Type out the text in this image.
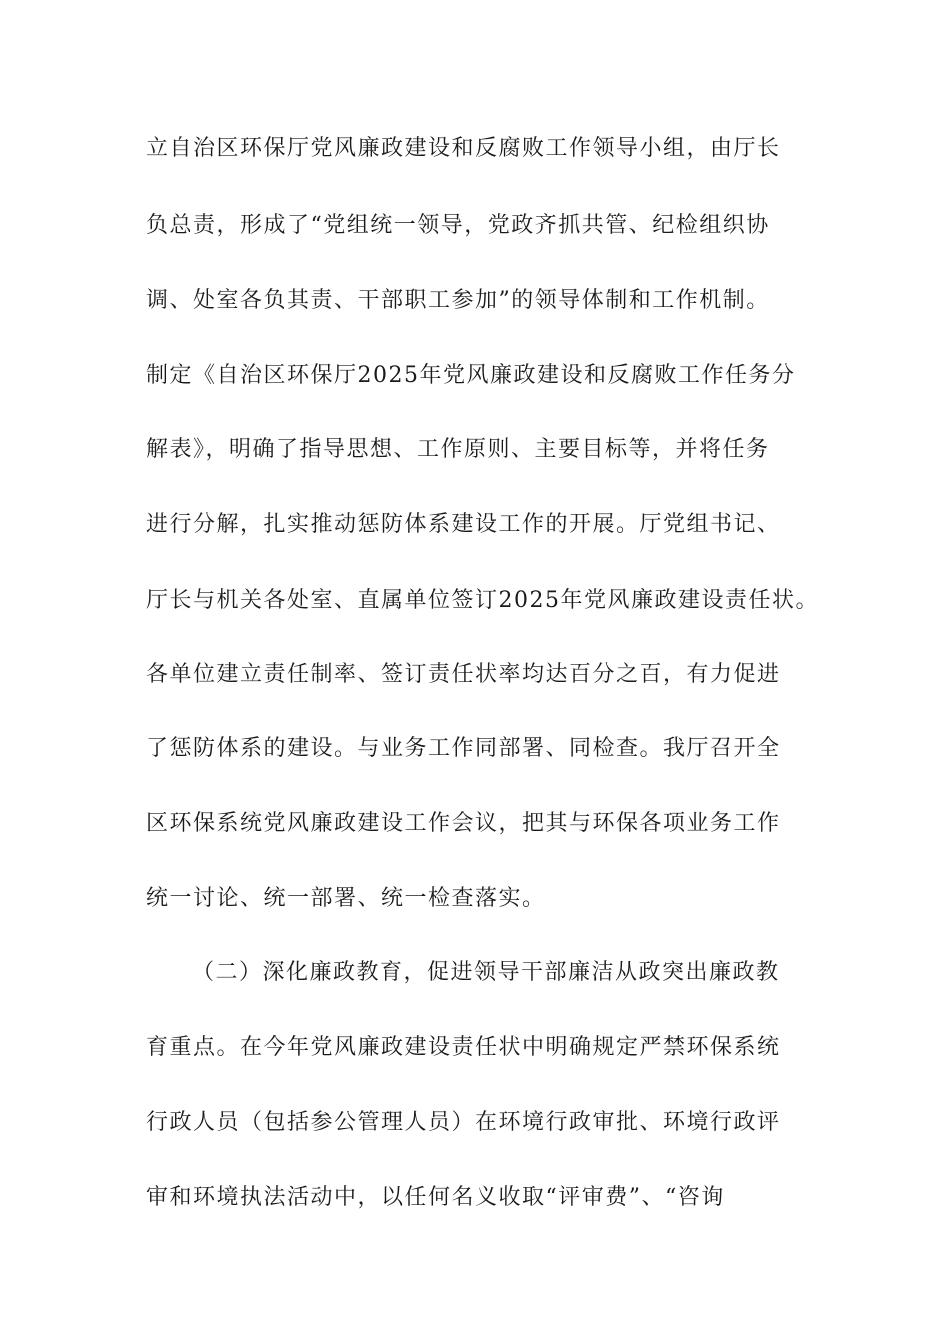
立自治区环保厅党风廉政建设和反腐败工作领导小组，由厅长
负总责，形成了“党组统一领导，党政齐抓共管、纪检组织协
调、处室各负其责、干部职工参加”的领导体制和工作机制。
制定《自治区环保厅2025年党风廉政建设和反腐败工作任务分
解表》，明确了指导思想、工作原则、主要目标等，并将任务
进行分解，扎实推动惩防体系建设工作的开展。厅党组书记、
厅长与机关各处室、直属单位签订2025年党风廉政建设责任状。
各单位建立责任制率、签订责任状率均达百分之百，有力促进
了惩防体系的建设。与业务工作同部署、同检查。我厅召开全
区环保系统党风廉政建设工作会议，把其与环保各项业务工作
统一讨论、统一部署、统一检查落实。
（二）深化廉政教育，促进领导干部廉洁从政突出廉政教
育重点。在今年党风廉政建设责任状中明确规定严禁环保系统
行政人员（包括参公管理人员）在环境行政审批、环境行政评
审和环境执法活动中，以任何名义收取“评审费”、“咨询
